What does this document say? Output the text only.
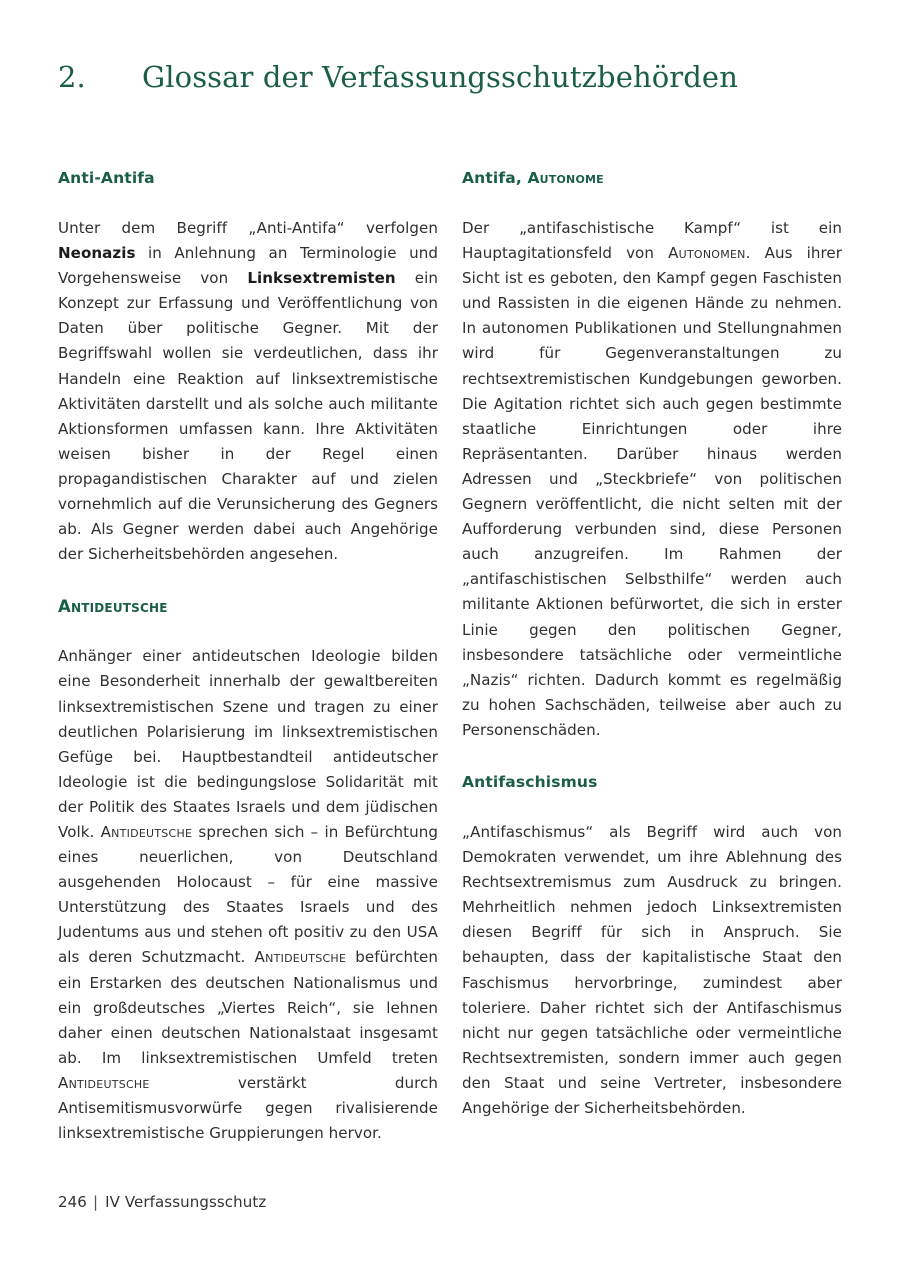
2.	Glossar der Verfassungsschutzbehörden
Anti-Antifa

Unter dem Begriff „Anti-Antifa“ verfolgen Neonazis in Anlehnung an Terminologie und Vorgehensweise von Linksextremisten ein Konzept zur Erfassung und Veröffentlichung von Daten über politische Gegner. Mit der Begriffswahl wollen sie verdeutlichen, dass ihr Handeln eine Reaktion auf linksextremistische Aktivitäten darstellt und als solche auch militante Aktionsformen umfassen kann. Ihre Aktivitäten weisen bisher in der Regel einen propagandistischen Charakter auf und zielen vornehmlich auf die Verunsicherung des Gegners ab. Als Gegner werden dabei auch Angehörige der Sicherheitsbehörden angesehen.

Antideutsche

Anhänger einer antideutschen Ideologie bilden eine Besonderheit innerhalb der gewaltbereiten linksextremistischen Szene und tragen zu einer deutlichen Polarisierung im linksextremistischen Gefüge bei. Hauptbestandteil antideutscher Ideologie ist die bedingungslose Solidarität mit der Politik des Staates Israels und dem jüdischen Volk. Antideutsche sprechen sich – in Befürchtung eines neuerlichen, von Deutschland ausgehenden Holocaust – für eine massive Unterstützung des Staates Israels und des Judentums aus und stehen oft positiv zu den USA als deren Schutzmacht. Antideutsche befürchten ein Erstarken des deutschen Nationalismus und ein großdeutsches „Viertes Reich“, sie lehnen daher einen deutschen Nationalstaat insgesamt ab. Im linksextremistischen Umfeld treten Antideutsche verstärkt durch Antisemitismusvorwürfe gegen rivalisierende linksextremistische Gruppierungen hervor.

Antifa, Autonome

Der „antifaschistische Kampf“ ist ein Hauptagitationsfeld von Autonomen. Aus ihrer Sicht ist es geboten, den Kampf gegen Faschisten und Rassisten in die eigenen Hände zu nehmen. In autonomen Publikationen und Stellungnahmen wird für Gegenveranstaltungen zu rechtsextremistischen Kundgebungen geworben. Die Agitation richtet sich auch gegen bestimmte staatliche Einrichtungen oder ihre Repräsentanten. Darüber hinaus werden Adressen und „Steckbriefe“ von politischen Gegnern veröffentlicht, die nicht selten mit der Aufforderung verbunden sind, diese Personen auch anzugreifen. Im Rahmen der „antifaschistischen Selbsthilfe“ werden auch militante Aktionen befürwortet, die sich in erster Linie gegen den politischen Gegner, insbesondere tatsächliche oder vermeintliche „Nazis“ richten. Dadurch kommt es regelmäßig zu hohen Sachschäden, teilweise aber auch zu Personenschäden.

Antifaschismus

„Antifaschismus“ als Begriff wird auch von Demokraten verwendet, um ihre Ablehnung des Rechtsextremismus zum Ausdruck zu bringen. Mehrheitlich nehmen jedoch Linksextremisten diesen Begriff für sich in Anspruch. Sie behaupten, dass der kapitalistische Staat den Faschismus hervorbringe, zumindest aber toleriere. Daher richtet sich der Antifaschismus nicht nur gegen tatsächliche oder vermeintliche Rechtsextremisten, sondern immer auch gegen den Staat und seine Vertreter, insbesondere Angehörige der Sicherheitsbehörden.

246 | IV Verfassungsschutz
